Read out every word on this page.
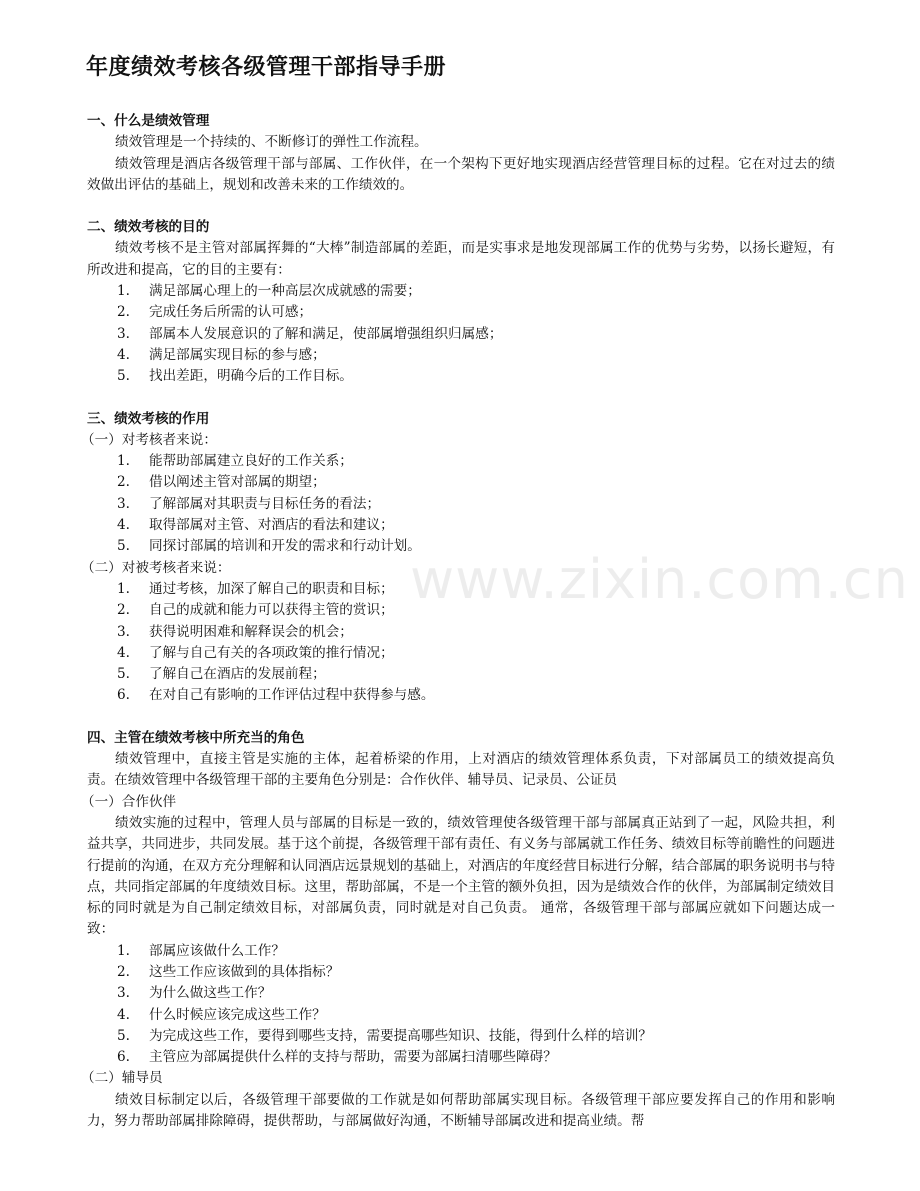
www.zixin.com.cn
年度绩效考核各级管理干部指导手册
一、什么是绩效管理
绩效管理是一个持续的、不断修订的弹性工作流程。
绩效管理是酒店各级管理干部与部属、工作伙伴，在一个架构下更好地实现酒店经营管理目标的过程。它在对过去的绩效做出评估的基础上，规划和改善未来的工作绩效的。
二、绩效考核的目的
绩效考核不是主管对部属挥舞的“大棒”制造部属的差距，而是实事求是地发现部属工作的优势与劣势，以扬长避短，有所改进和提高，它的目的主要有：
1. 满足部属心理上的一种高层次成就感的需要；
2. 完成任务后所需的认可感；
3. 部属本人发展意识的了解和满足，使部属增强组织归属感；
4. 满足部属实现目标的参与感；
5. 找出差距，明确今后的工作目标。
三、绩效考核的作用
（一）对考核者来说：
1. 能帮助部属建立良好的工作关系；
2. 借以阐述主管对部属的期望；
3. 了解部属对其职责与目标任务的看法；
4. 取得部属对主管、对酒店的看法和建议；
5. 同探讨部属的培训和开发的需求和行动计划。
（二）对被考核者来说：
1. 通过考核，加深了解自己的职责和目标；
2. 自己的成就和能力可以获得主管的赏识；
3. 获得说明困难和解释误会的机会；
4. 了解与自己有关的各项政策的推行情况；
5. 了解自己在酒店的发展前程；
6. 在对自己有影响的工作评估过程中获得参与感。
四、主管在绩效考核中所充当的角色
绩效管理中，直接主管是实施的主体，起着桥梁的作用，上对酒店的绩效管理体系负责，下对部属员工的绩效提高负责。在绩效管理中各级管理干部的主要角色分别是：合作伙伴、辅导员、记录员、公证员
（一）合作伙伴
绩效实施的过程中，管理人员与部属的目标是一致的，绩效管理使各级管理干部与部属真正站到了一起，风险共担，利益共享，共同进步，共同发展。基于这个前提，各级管理干部有责任、有义务与部属就工作任务、绩效目标等前瞻性的问题进行提前的沟通，在双方充分理解和认同酒店远景规划的基础上，对酒店的年度经营目标进行分解，结合部属的职务说明书与特点，共同指定部属的年度绩效目标。这里，帮助部属，不是一个主管的额外负担，因为是绩效合作的伙伴，为部属制定绩效目标的同时就是为自己制定绩效目标，对部属负责，同时就是对自己负责。 通常，各级管理干部与部属应就如下问题达成一致：
1. 部属应该做什么工作？
2. 这些工作应该做到的具体指标？
3. 为什么做这些工作？
4. 什么时候应该完成这些工作？
5. 为完成这些工作，要得到哪些支持，需要提高哪些知识、技能，得到什么样的培训？
6. 主管应为部属提供什么样的支持与帮助，需要为部属扫清哪些障碍？
（二）辅导员
绩效目标制定以后，各级管理干部要做的工作就是如何帮助部属实现目标。各级管理干部应要发挥自己的作用和影响力，努力帮助部属排除障碍，提供帮助，与部属做好沟通，不断辅导部属改进和提高业绩。帮
